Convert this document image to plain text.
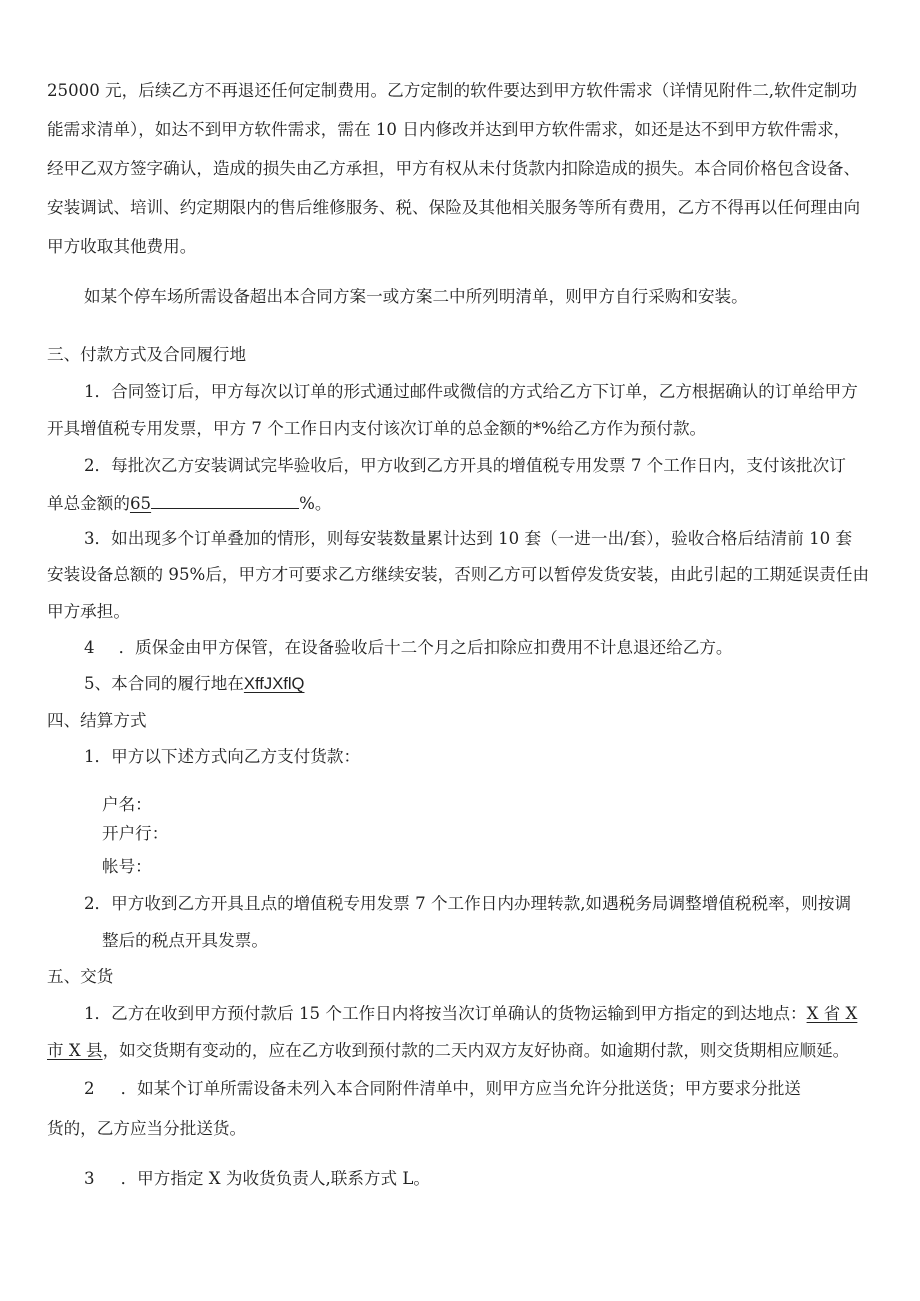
25000 元，后续乙方不再退还任何定制费用。乙方定制的软件要达到甲方软件需求（详情见附件二,软件定制功
能需求清单），如达不到甲方软件需求，需在 10 日内修改并达到甲方软件需求，如还是达不到甲方软件需求，
经甲乙双方签字确认，造成的损失由乙方承担，甲方有权从未付货款内扣除造成的损失。本合同价格包含设备、
安装调试、培训、约定期限内的售后维修服务、税、保险及其他相关服务等所有费用，乙方不得再以任何理由向
甲方收取其他费用。
如某个停车场所需设备超出本合同方案一或方案二中所列明清单，则甲方自行采购和安装。
三、付款方式及合同履行地
1．合同签订后，甲方每次以订单的形式通过邮件或微信的方式给乙方下订单，乙方根据确认的订单给甲方
开具增值税专用发票，甲方 7 个工作日内支付该次订单的总金额的*%给乙方作为预付款。
2．每批次乙方安装调试完毕验收后，甲方收到乙方开具的增值税专用发票 7 个工作日内，支付该批次订
单总金额的65	%。
3．如出现多个订单叠加的情形，则每安装数量累计达到 10 套（一进一出/套），验收合格后结清前 10 套
安装设备总额的 95%后，甲方才可要求乙方继续安装，否则乙方可以暂停发货安装，由此引起的工期延误责任由
甲方承担。
4 ．质保金由甲方保管，在设备验收后十二个月之后扣除应扣费用不计息退还给乙方。
5、本合同的履行地在XffJXflQ
四、结算方式
1．甲方以下述方式向乙方支付货款：
户名：
开户行：
帐号：
2．甲方收到乙方开具且点的增值税专用发票 7 个工作日内办理转款,如遇税务局调整增值税税率，则按调
整后的税点开具发票。
五、交货
1．乙方在收到甲方预付款后 15 个工作日内将按当次订单确认的货物运输到甲方指定的到达地点：X 省 X
市 X 县，如交货期有变动的，应在乙方收到预付款的二天内双方友好协商。如逾期付款，则交货期相应顺延。
2 ．如某个订单所需设备未列入本合同附件清单中，则甲方应当允许分批送货；甲方要求分批送
货的，乙方应当分批送货。
3 ．甲方指定 X 为收货负责人,联系方式 L。
